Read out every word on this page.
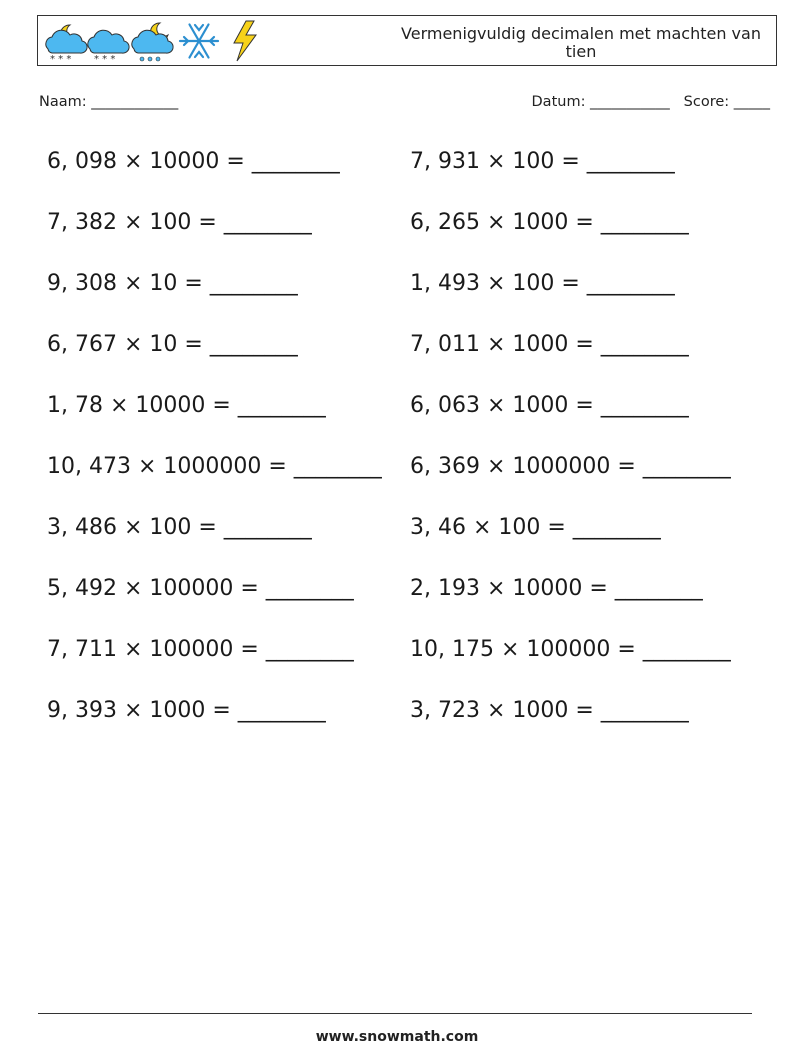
* * * * * *
Vermenigvuldig decimalen met machten van tien
Naam: ____________	Datum: ___________ Score: _____
6, 098 × 10000 = ________	7, 931 × 100 = ________
7, 382 × 100 = ________	6, 265 × 1000 = ________
9, 308 × 10 = ________	1, 493 × 100 = ________
6, 767 × 10 = ________	7, 011 × 1000 = ________
1, 78 × 10000 = ________	6, 063 × 1000 = ________
10, 473 × 1000000 = ________ 6, 369 × 1000000 = ________
3, 486 × 100 = ________	3, 46 × 100 = ________
5, 492 × 100000 = ________	2, 193 × 10000 = ________
7, 711 × 100000 = ________	10, 175 × 100000 = ________
9, 393 × 1000 = ________	3, 723 × 1000 = ________
www.snowmath.com
